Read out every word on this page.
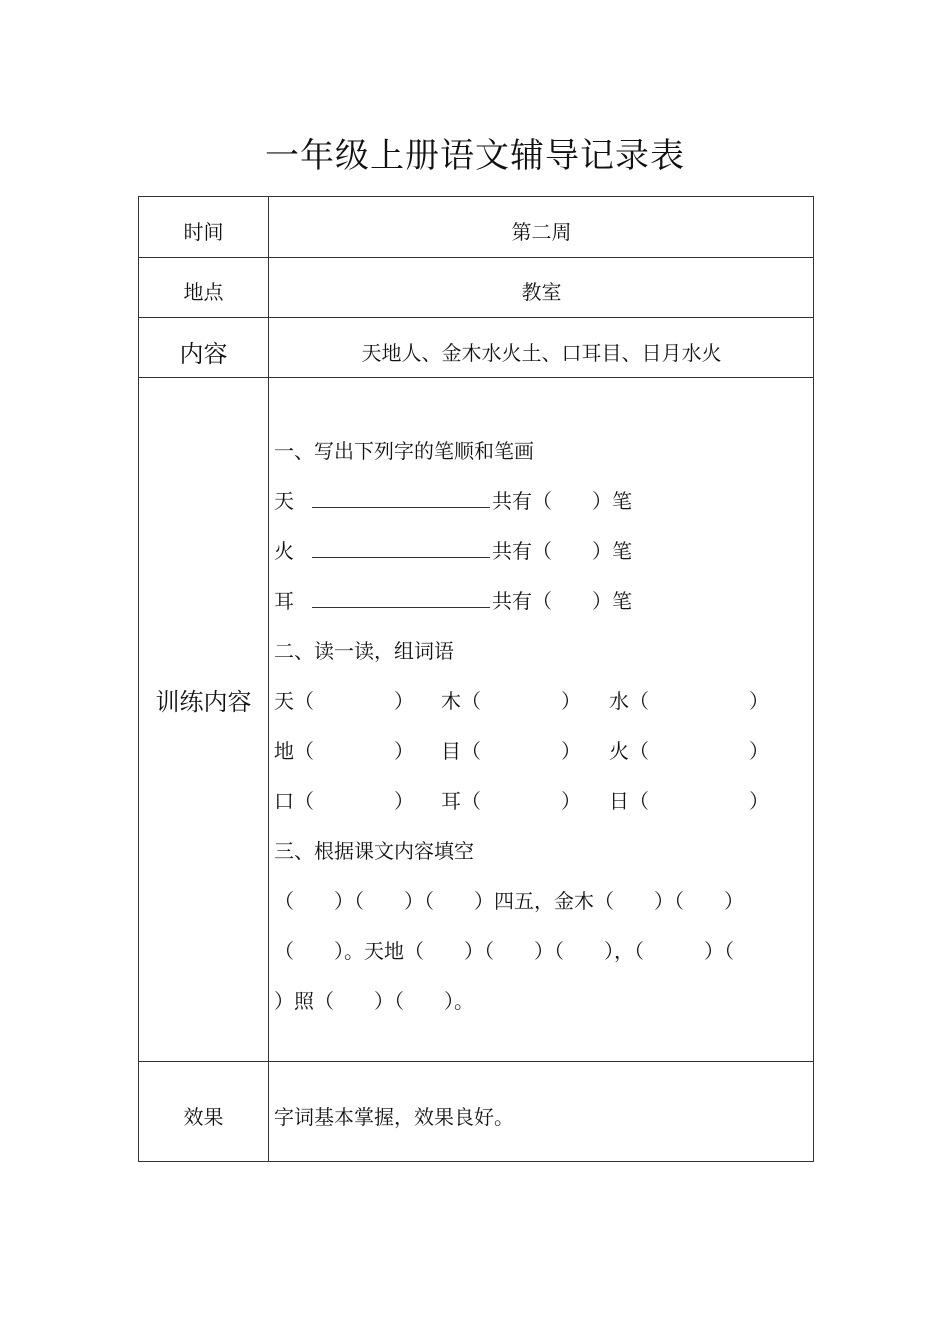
一年级上册语文辅导记录表
时间	第二周
地点	教室
内容	天地人、金木水火土、口耳目、日月水火
训练内容
一、写出下列字的笔顺和笔画
天	共有（　　）笔
火	共有（　　）笔
耳	共有（　　）笔
二、读一读，组词语
天（　　　　） 木（　　　　） 水（　　　　　）
地（　　　　） 目（　　　　） 火（　　　　　）
口（　　　　） 耳（　　　　） 日（　　　　　）
三、根据课文内容填空
（　　）（　　）（　　）四五，金木（　　）（　　）
（　　）。天地（　　）（　　）（　　），（　　　）（
）照（　　）（　　）。
效果	字词基本掌握，效果良好。
